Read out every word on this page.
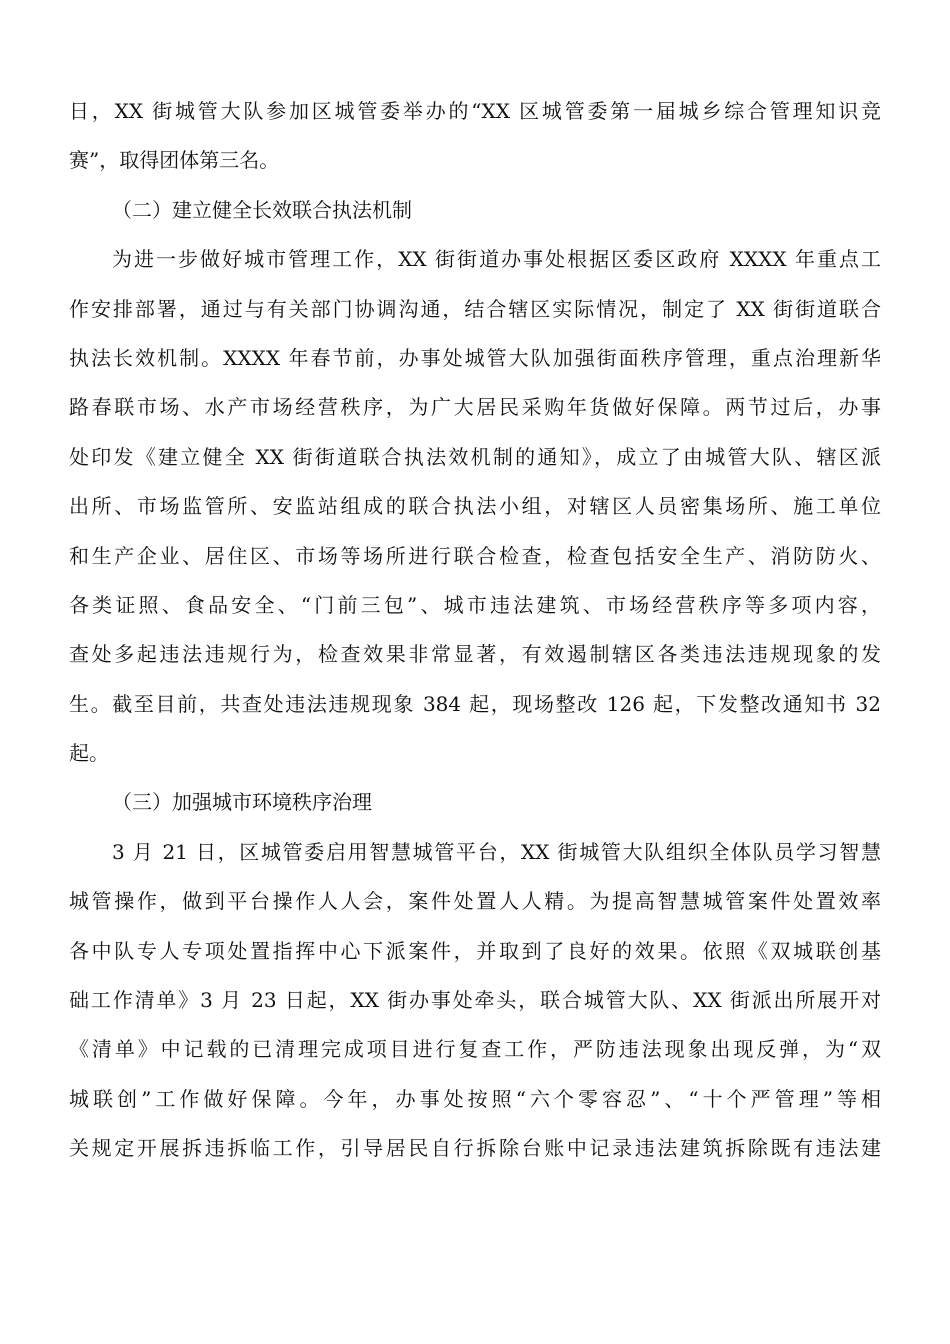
日，XX 街城管大队参加区城管委举办的“XX 区城管委第一届城乡综合管理知识竞
赛”，取得团体第三名。
（二）建立健全长效联合执法机制
为进一步做好城市管理工作，XX 街街道办事处根据区委区政府 XXXX 年重点工
作安排部署，通过与有关部门协调沟通，结合辖区实际情况，制定了 XX 街街道联合
执法长效机制。XXXX 年春节前，办事处城管大队加强街面秩序管理，重点治理新华
路春联市场、水产市场经营秩序，为广大居民采购年货做好保障。两节过后，办事
处印发《建立健全 XX 街街道联合执法效机制的通知》，成立了由城管大队、辖区派
出所、市场监管所、安监站组成的联合执法小组，对辖区人员密集场所、施工单位
和生产企业、居住区、市场等场所进行联合检查，检查包括安全生产、消防防火、
各类证照、食品安全、“门前三包”、城市违法建筑、市场经营秩序等多项内容，
查处多起违法违规行为，检查效果非常显著，有效遏制辖区各类违法违规现象的发
生。截至目前，共查处违法违规现象 384 起，现场整改 126 起，下发整改通知书 32
起。
（三）加强城市环境秩序治理
3 月 21 日，区城管委启用智慧城管平台，XX 街城管大队组织全体队员学习智慧
城管操作，做到平台操作人人会，案件处置人人精。为提高智慧城管案件处置效率
各中队专人专项处置指挥中心下派案件，并取到了良好的效果。依照《双城联创基
础工作清单》3 月 23 日起，XX 街办事处牵头，联合城管大队、XX 街派出所展开对
《清单》中记载的已清理完成项目进行复查工作，严防违法现象出现反弹，为“双
城联创”工作做好保障。今年，办事处按照“六个零容忍”、“十个严管理”等相
关规定开展拆违拆临工作，引导居民自行拆除台账中记录违法建筑拆除既有违法建
